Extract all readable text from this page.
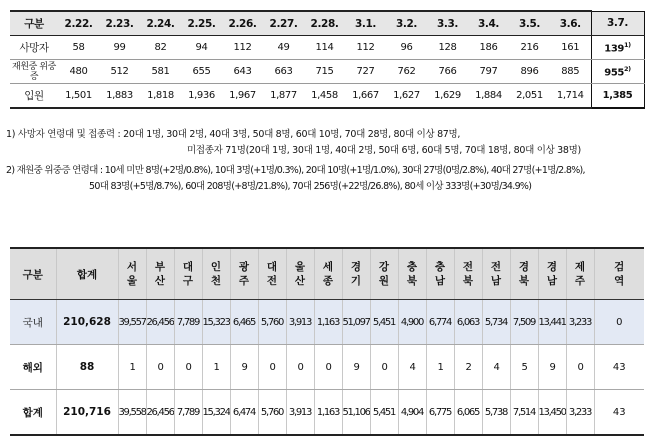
구분	2.22.	2.23.	2.24.	2.25.	2.26.	2.27.	2.28.	3.1.	3.2.	3.3.	3.4.	3.5.	3.6.	3.7.
사망자	58	99	82	94	112	49	114	112	96	128	186	216	161	139$^{1)}$
재원중 위중증	480	512	581	655	643	663	715	727	762	766	797	896	885	955$^{2)}$
입원	1,501	1,883	1,818	1,936	1,967	1,877	1,458	1,667	1,627	1,629	1,884	2,051	1,714	1,385
1) 사망자 연령대 및 접종력 : 20대 1명, 30대 2명, 40대 3명, 50대 8명, 60대 10명, 70대 28명, 80대 이상 87명,
미접종자 71명(20대 1명, 30대 1명, 40대 2명, 50대 6명, 60대 5명, 70대 18명, 80대 이상 38명)
2) 재원중 위중증 연령대 : 10세 미만 8명(+2명/0.8%), 10대 3명(+1명/0.3%), 20대 10명(+1명/1.0%), 30대 27명(0명/2.8%), 40대 27명(+1명/2.8%),
50대 83명(+5명/8.7%), 60대 208명(+8명/21.8%), 70대 256명(+22명/26.8%), 80세 이상 333명(+30명/34.9%)
구분	합계	서울	부산	대구	인천	광주	대전	울산	세종	경기	강원	충북	충남	전북	전남	경북	경남	제주	검역
국내	210,628	39,557	26,456	7,789	15,323	6,465	5,760	3,913	1,163	51,097	5,451	4,900	6,774	6,063	5,734	7,509	13,441	3,233	0
해외	88	1	0	0	1	9	0	0	0	9	0	4	1	2	4	5	9	0	43
합계	210,716	39,558	26,456	7,789	15,324	6,474	5,760	3,913	1,163	51,106	5,451	4,904	6,775	6,065	5,738	7,514	13,450	3,233	43
